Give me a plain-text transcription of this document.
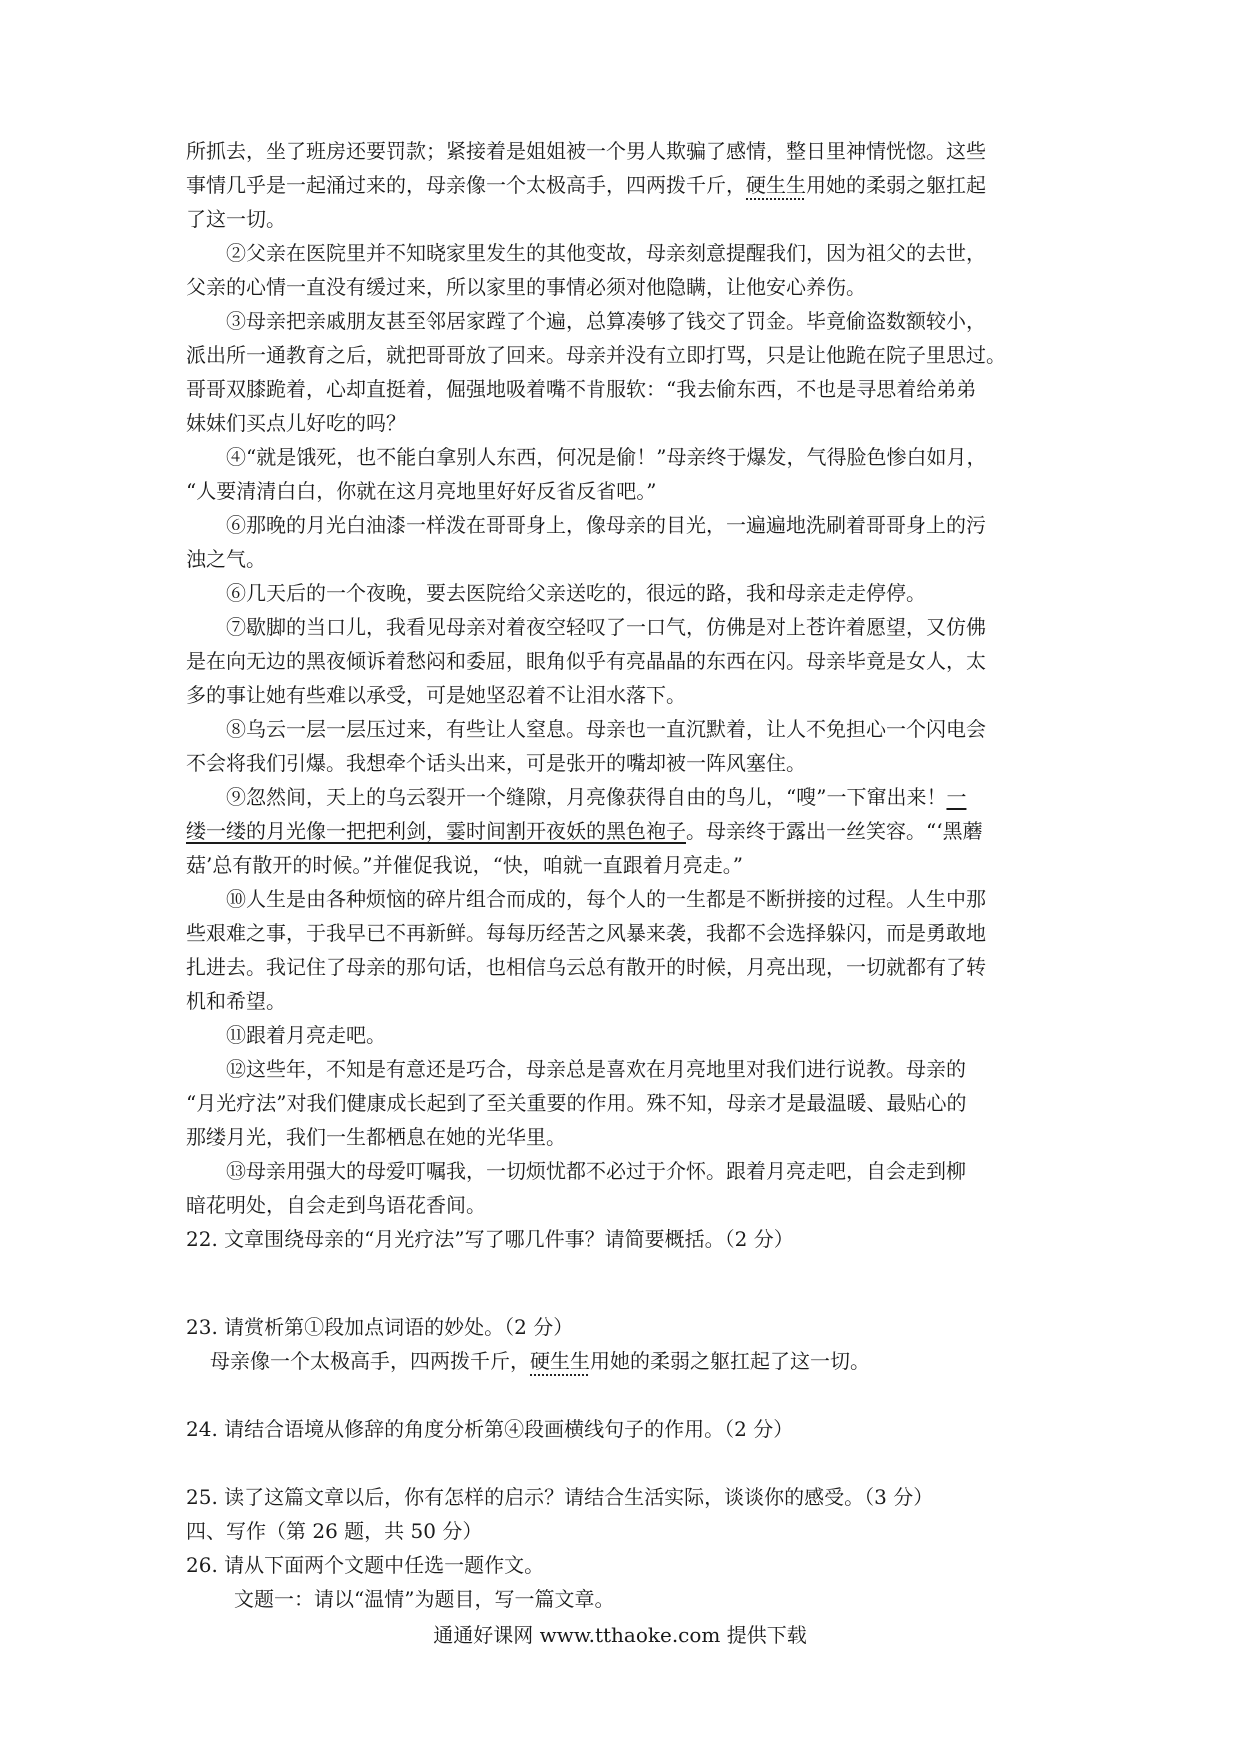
所抓去，坐了班房还要罚款；紧接着是姐姐被一个男人欺骗了感情，整日里神情恍惚。这些
事情几乎是一起涌过来的，母亲像一个太极高手，四两拨千斤，硬生生用她的柔弱之躯扛起
了这一切。
②父亲在医院里并不知晓家里发生的其他变故，母亲刻意提醒我们，因为祖父的去世，
父亲的心情一直没有缓过来，所以家里的事情必须对他隐瞒，让他安心养伤。
③母亲把亲戚朋友甚至邻居家蹚了个遍，总算凑够了钱交了罚金。毕竟偷盗数额较小，
派出所一通教育之后，就把哥哥放了回来。母亲并没有立即打骂，只是让他跪在院子里思过。
哥哥双膝跪着，心却直挺着，倔强地吸着嘴不肯服软：“我去偷东西，不也是寻思着给弟弟
妹妹们买点儿好吃的吗？
④“就是饿死，也不能白拿别人东西，何况是偷！”母亲终于爆发，气得脸色惨白如月，
“人要清清白白，你就在这月亮地里好好反省反省吧。”
⑥那晚的月光白油漆一样泼在哥哥身上，像母亲的目光，一遍遍地洗刷着哥哥身上的污
浊之气。
⑥几天后的一个夜晚，要去医院给父亲送吃的，很远的路，我和母亲走走停停。
⑦歇脚的当口儿，我看见母亲对着夜空轻叹了一口气，仿佛是对上苍许着愿望，又仿佛
是在向无边的黑夜倾诉着愁闷和委屈，眼角似乎有亮晶晶的东西在闪。母亲毕竟是女人，太
多的事让她有些难以承受，可是她坚忍着不让泪水落下。
⑧乌云一层一层压过来，有些让人窒息。母亲也一直沉默着，让人不免担心一个闪电会
不会将我们引爆。我想牵个话头出来，可是张开的嘴却被一阵风塞住。
⑨忽然间，天上的乌云裂开一个缝隙，月亮像获得自由的鸟儿，“嗖”一下窜出来！一
缕一缕的月光像一把把利剑，霎时间割开夜妖的黑色袍子。母亲终于露出一丝笑容。“‘黑蘑
菇’总有散开的时候。”并催促我说，“快，咱就一直跟着月亮走。”
⑩人生是由各种烦恼的碎片组合而成的，每个人的一生都是不断拼接的过程。人生中那
些艰难之事，于我早已不再新鲜。每每历经苦之风暴来袭，我都不会选择躲闪，而是勇敢地
扎进去。我记住了母亲的那句话，也相信乌云总有散开的时候，月亮出现，一切就都有了转
机和希望。
⑪跟着月亮走吧。
⑫这些年，不知是有意还是巧合，母亲总是喜欢在月亮地里对我们进行说教。母亲的
“月光疗法”对我们健康成长起到了至关重要的作用。殊不知，母亲才是最温暖、最贴心的
那缕月光，我们一生都栖息在她的光华里。
⑬母亲用强大的母爱叮嘱我，一切烦忧都不必过于介怀。跟着月亮走吧，自会走到柳
暗花明处，自会走到鸟语花香间。
22. 文章围绕母亲的“月光疗法”写了哪几件事？请简要概括。（2 分）
23. 请赏析第①段加点词语的妙处。（2 分）
母亲像一个太极高手，四两拨千斤，硬生生用她的柔弱之躯扛起了这一切。
24. 请结合语境从修辞的角度分析第④段画横线句子的作用。（2 分）
25. 读了这篇文章以后，你有怎样的启示？请结合生活实际，谈谈你的感受。（3 分）
四、写作（第 26 题，共 50 分）
26. 请从下面两个文题中任选一题作文。
文题一：请以“温情”为题目，写一篇文章。
通通好课网 www.tthaoke.com 提供下载
